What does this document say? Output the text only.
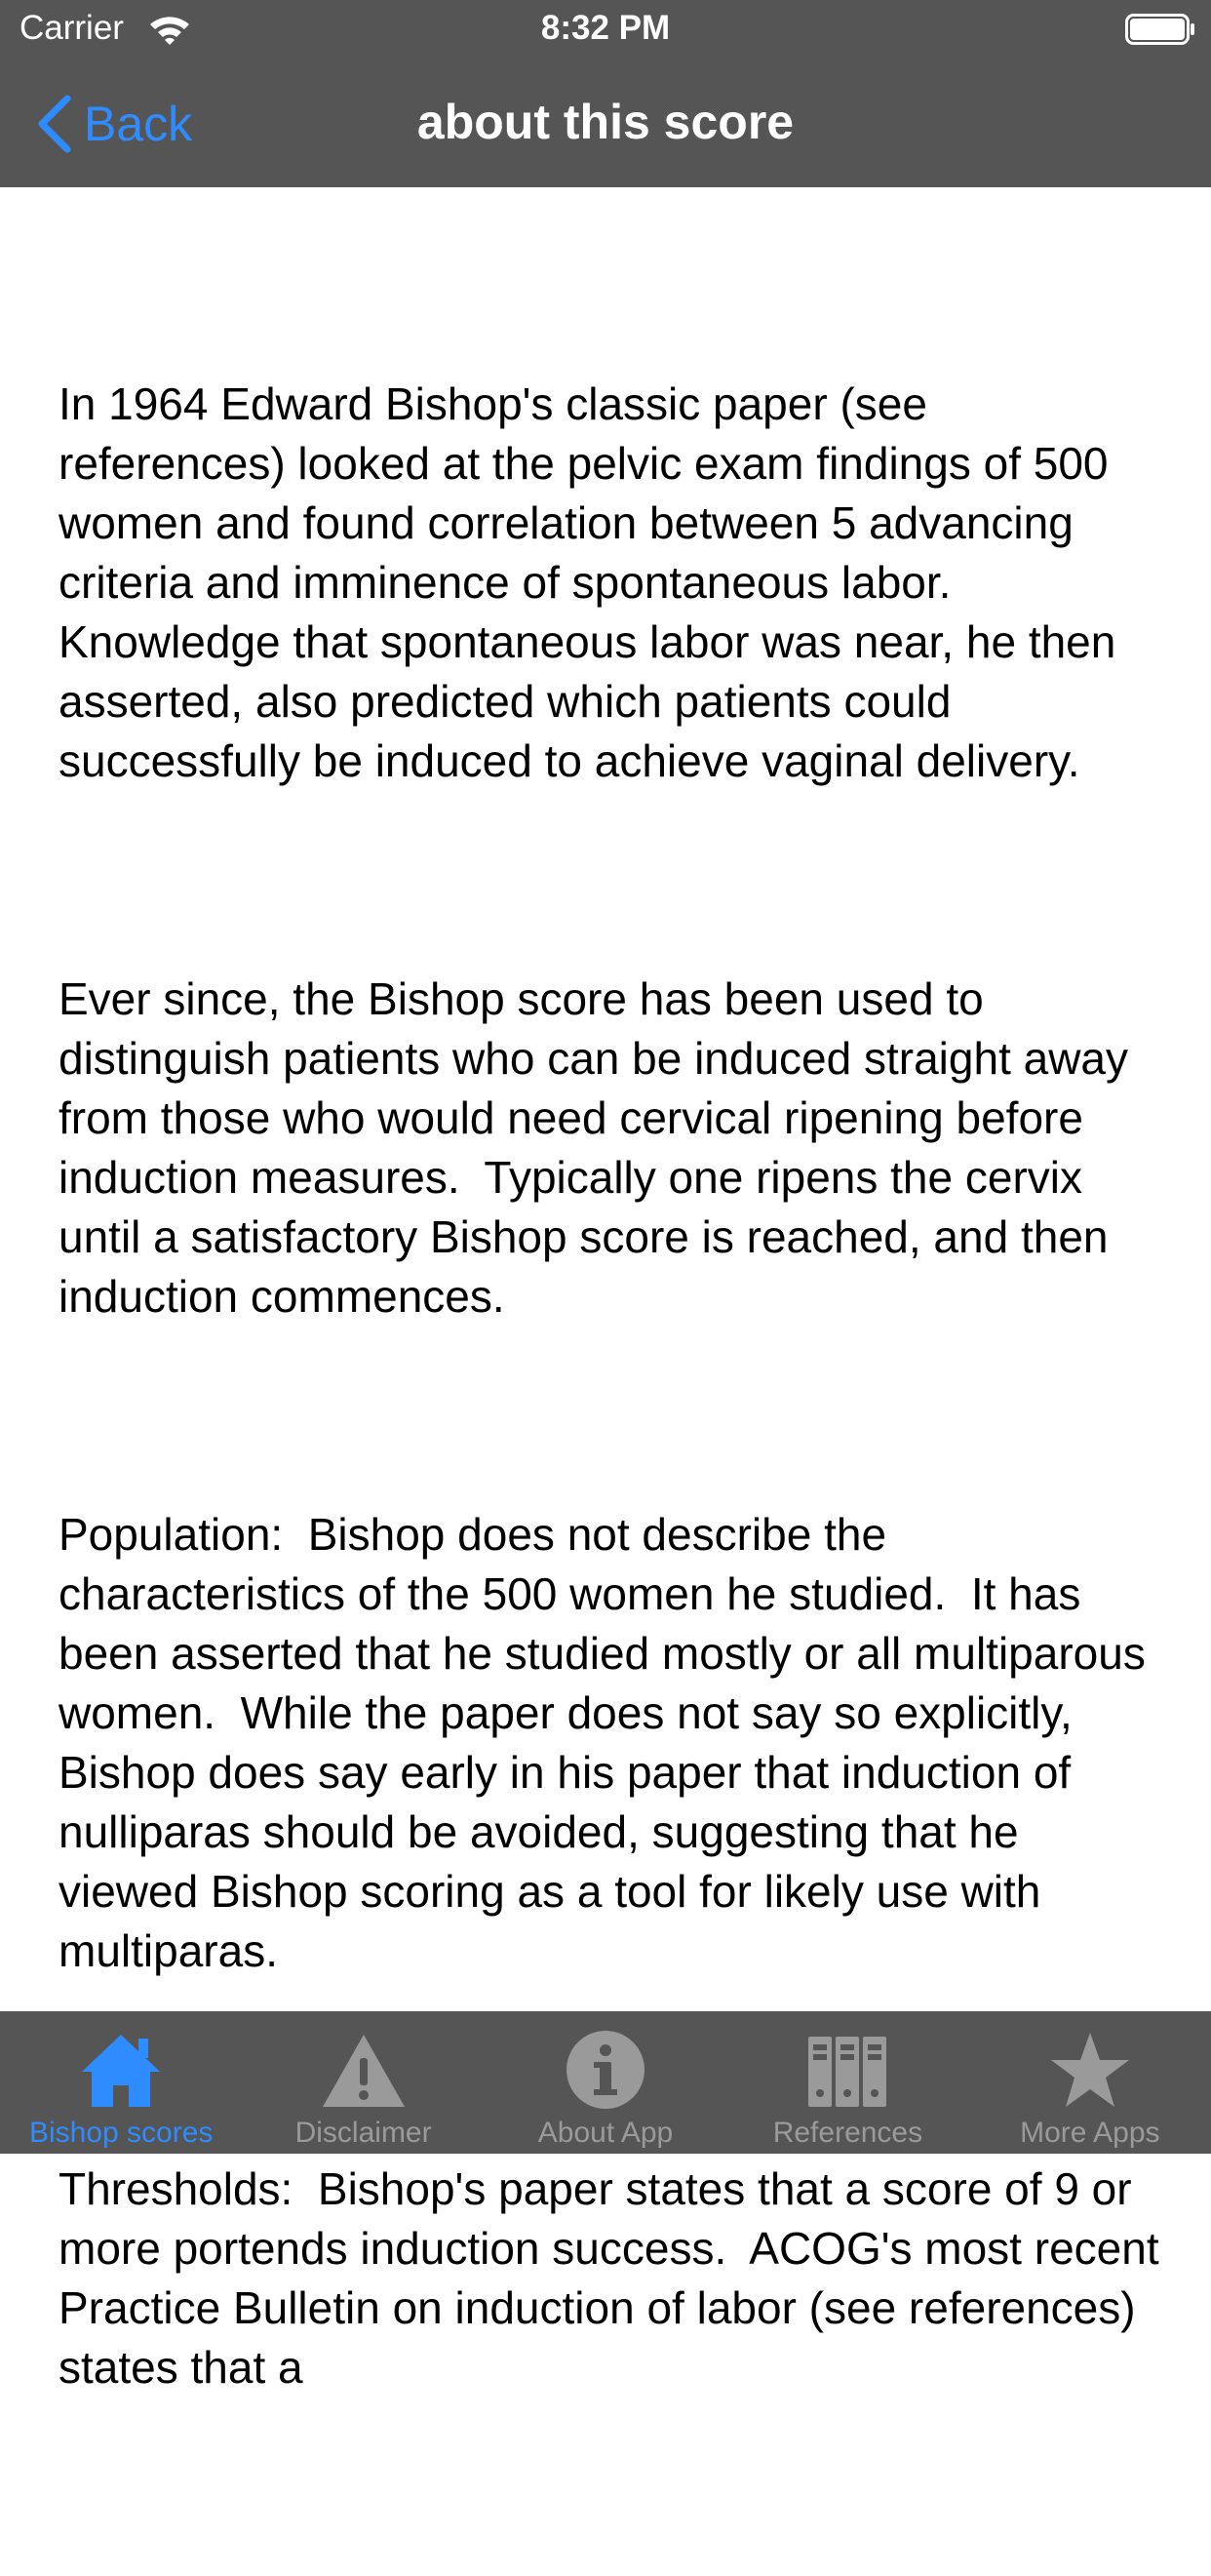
Carrier	8:32 PM
Back	about this score

In 1964 Edward Bishop's classic paper (see references) looked at the pelvic exam findings of 500 women and found correlation between 5 advancing criteria and imminence of spontaneous labor.  Knowledge that spontaneous labor was near, he then asserted, also predicted which patients could successfully be induced to achieve vaginal delivery.

Ever since, the Bishop score has been used to distinguish patients who can be induced straight away from those who would need cervical ripening before induction measures.  Typically one ripens the cervix until a satisfactory Bishop score is reached, and then induction commences.

Population:  Bishop does not describe the characteristics of the 500 women he studied.  It has been asserted that he studied mostly or all multiparous women.  While the paper does not say so explicitly, Bishop does say early in his paper that induction of nulliparas should be avoided, suggesting that he viewed Bishop scoring as a tool for likely use with multiparas.

Thresholds:  Bishop's paper states that a score of 9 or more portends induction success.  ACOG's most recent Practice Bulletin on induction of labor (see references) states that a

Bishop scores	Disclaimer	About App	References	More Apps
